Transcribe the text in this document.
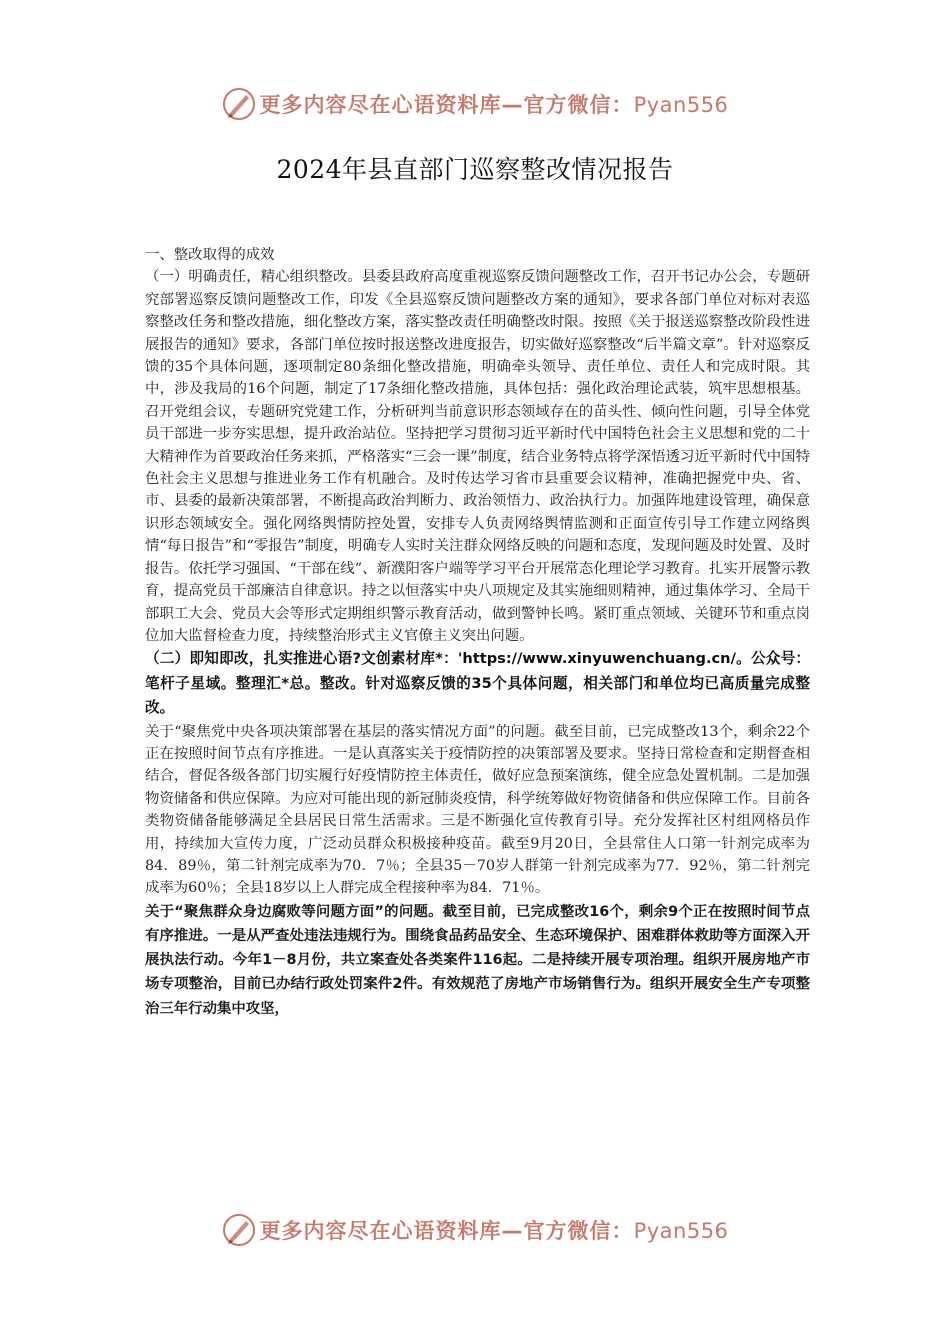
更多内容尽在心语资料库—官方微信：Pyan556
2024年县直部门巡察整改情况报告

一、整改取得的成效

（一）明确责任，精心组织整改。县委县政府高度重视巡察反馈问题整改工作，召开书记办公会，专题研究部署巡察反馈问题整改工作，印发《全县巡察反馈问题整改方案的通知》，要求各部门单位对标对表巡察整改任务和整改措施，细化整改方案，落实整改责任明确整改时限。按照《关于报送巡察整改阶段性进展报告的通知》要求，各部门单位按时报送整改进度报告，切实做好巡察整改“后半篇文章”。针对巡察反馈的35个具体问题，逐项制定80条细化整改措施，明确牵头领导、责任单位、责任人和完成时限。其中，涉及我局的16个问题，制定了17条细化整改措施，具体包括：强化政治理论武装，筑牢思想根基。召开党组会议，专题研究党建工作，分析研判当前意识形态领域存在的苗头性、倾向性问题，引导全体党员干部进一步夯实思想，提升政治站位。坚持把学习贯彻习近平新时代中国特色社会主义思想和党的二十大精神作为首要政治任务来抓，严格落实“三会一课”制度，结合业务特点将学深悟透习近平新时代中国特色社会主义思想与推进业务工作有机融合。及时传达学习省市县重要会议精神，准确把握党中央、省、市、县委的最新决策部署，不断提高政治判断力、政治领悟力、政治执行力。加强阵地建设管理，确保意识形态领域安全。强化网络舆情防控处置，安排专人负责网络舆情监测和正面宣传引导工作建立网络舆情“每日报告”和“零报告”制度，明确专人实时关注群众网络反映的问题和态度，发现问题及时处置、及时报告。依托学习强国、“干部在线”、新濮阳客户端等学习平台开展常态化理论学习教育。扎实开展警示教育，提高党员干部廉洁自律意识。持之以恒落实中央八项规定及其实施细则精神，通过集体学习、全局干部职工大会、党员大会等形式定期组织警示教育活动，做到警钟长鸣。紧盯重点领域、关键环节和重点岗位加大监督检查力度，持续整治形式主义官僚主义突出问题。

（二）即知即改，扎实推进心语?文创素材库*：'https://www.xinyuwenchuang.cn/。公众号：笔杆子星域。整理汇*总。整改。针对巡察反馈的35个具体问题，相关部门和单位均已高质量完成整改。

关于“聚焦党中央各项决策部署在基层的落实情况方面”的问题。截至目前，已完成整改13个，剩余22个正在按照时间节点有序推进。一是认真落实关于疫情防控的决策部署及要求。坚持日常检查和定期督查相结合，督促各级各部门切实履行好疫情防控主体责任，做好应急预案演练，健全应急处置机制。二是加强物资储备和供应保障。为应对可能出现的新冠肺炎疫情，科学统筹做好物资储备和供应保障工作。目前各类物资储备能够满足全县居民日常生活需求。三是不断强化宣传教育引导。充分发挥社区村组网格员作用，持续加大宣传力度，广泛动员群众积极接种疫苗。截至9月20日，全县常住人口第一针剂完成率为84．89％，第二针剂完成率为70．7％；全县35－70岁人群第一针剂完成率为77．92％，第二针剂完成率为60％；全县18岁以上人群完成全程接种率为84．71％。

关于“聚焦群众身边腐败等问题方面”的问题。截至目前，已完成整改16个，剩余9个正在按照时间节点有序推进。一是从严查处违法违规行为。围绕食品药品安全、生态环境保护、困难群体救助等方面深入开展执法行动。今年1－8月份，共立案查处各类案件116起。二是持续开展专项治理。组织开展房地产市场专项整治，目前已办结行政处罚案件2件。有效规范了房地产市场销售行为。组织开展安全生产专项整治三年行动集中攻坚，

更多内容尽在心语资料库—官方微信：Pyan556
